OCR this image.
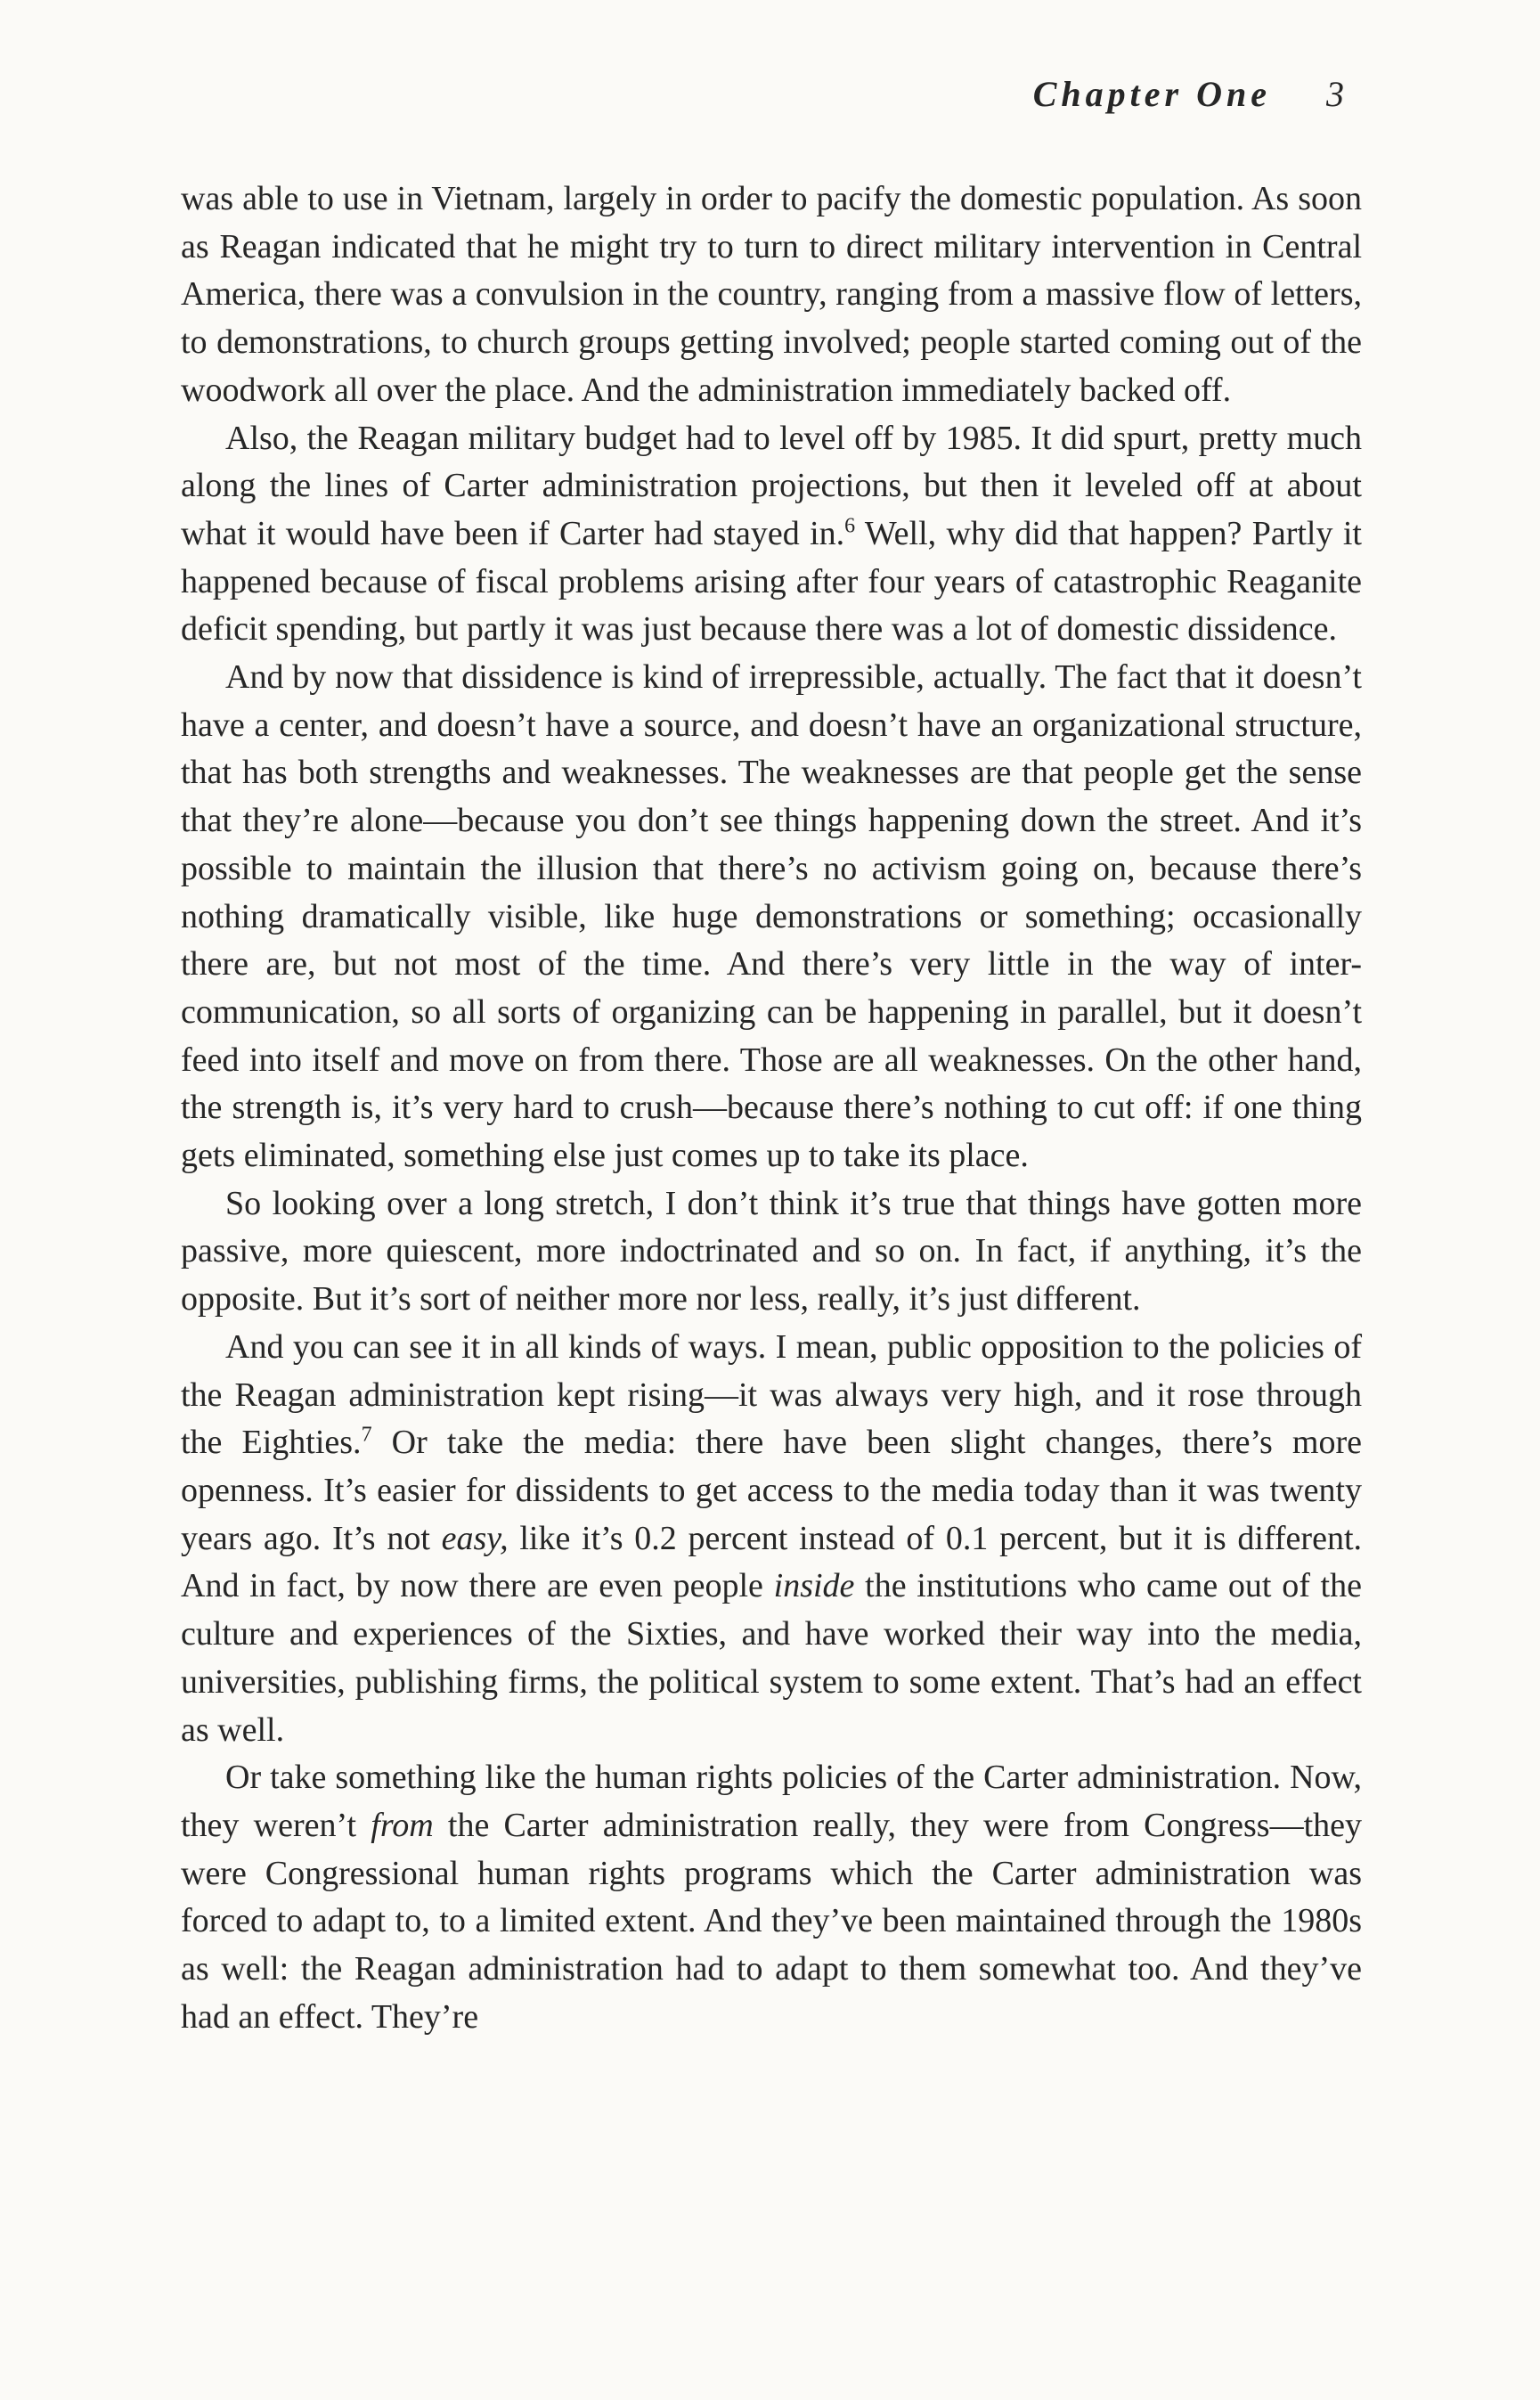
Chapter One 3

was able to use in Vietnam, largely in order to pacify the domestic population. As soon as Reagan indicated that he might try to turn to direct military intervention in Central America, there was a convulsion in the country, ranging from a massive flow of letters, to demonstrations, to church groups getting involved; people started coming out of the woodwork all over the place. And the administration immediately backed off.

Also, the Reagan military budget had to level off by 1985. It did spurt, pretty much along the lines of Carter administration projections, but then it leveled off at about what it would have been if Carter had stayed in.$^6$ Well, why did that happen? Partly it happened because of fiscal problems arising after four years of catastrophic Reaganite deficit spending, but partly it was just because there was a lot of domestic dissidence.

And by now that dissidence is kind of irrepressible, actually. The fact that it doesn’t have a center, and doesn’t have a source, and doesn’t have an organizational structure, that has both strengths and weaknesses. The weaknesses are that people get the sense that they’re alone—because you don’t see things happening down the street. And it’s possible to maintain the illusion that there’s no activism going on, because there’s nothing dramatically visible, like huge demonstrations or something; occasionally there are, but not most of the time. And there’s very little in the way of inter-communication, so all sorts of organizing can be happening in parallel, but it doesn’t feed into itself and move on from there. Those are all weaknesses. On the other hand, the strength is, it’s very hard to crush—because there’s nothing to cut off: if one thing gets eliminated, something else just comes up to take its place.

So looking over a long stretch, I don’t think it’s true that things have gotten more passive, more quiescent, more indoctrinated and so on. In fact, if anything, it’s the opposite. But it’s sort of neither more nor less, really, it’s just different.

And you can see it in all kinds of ways. I mean, public opposition to the policies of the Reagan administration kept rising—it was always very high, and it rose through the Eighties.$^7$ Or take the media: there have been slight changes, there’s more openness. It’s easier for dissidents to get access to the media today than it was twenty years ago. It’s not easy, like it’s 0.2 percent instead of 0.1 percent, but it is different. And in fact, by now there are even people inside the institutions who came out of the culture and experiences of the Sixties, and have worked their way into the media, universities, publishing firms, the political system to some extent. That’s had an effect as well.

Or take something like the human rights policies of the Carter administration. Now, they weren’t from the Carter administration really, they were from Congress—they were Congressional human rights programs which the Carter administration was forced to adapt to, to a limited extent. And they’ve been maintained through the 1980s as well: the Reagan administration had to adapt to them somewhat too. And they’ve had an effect. They’re
